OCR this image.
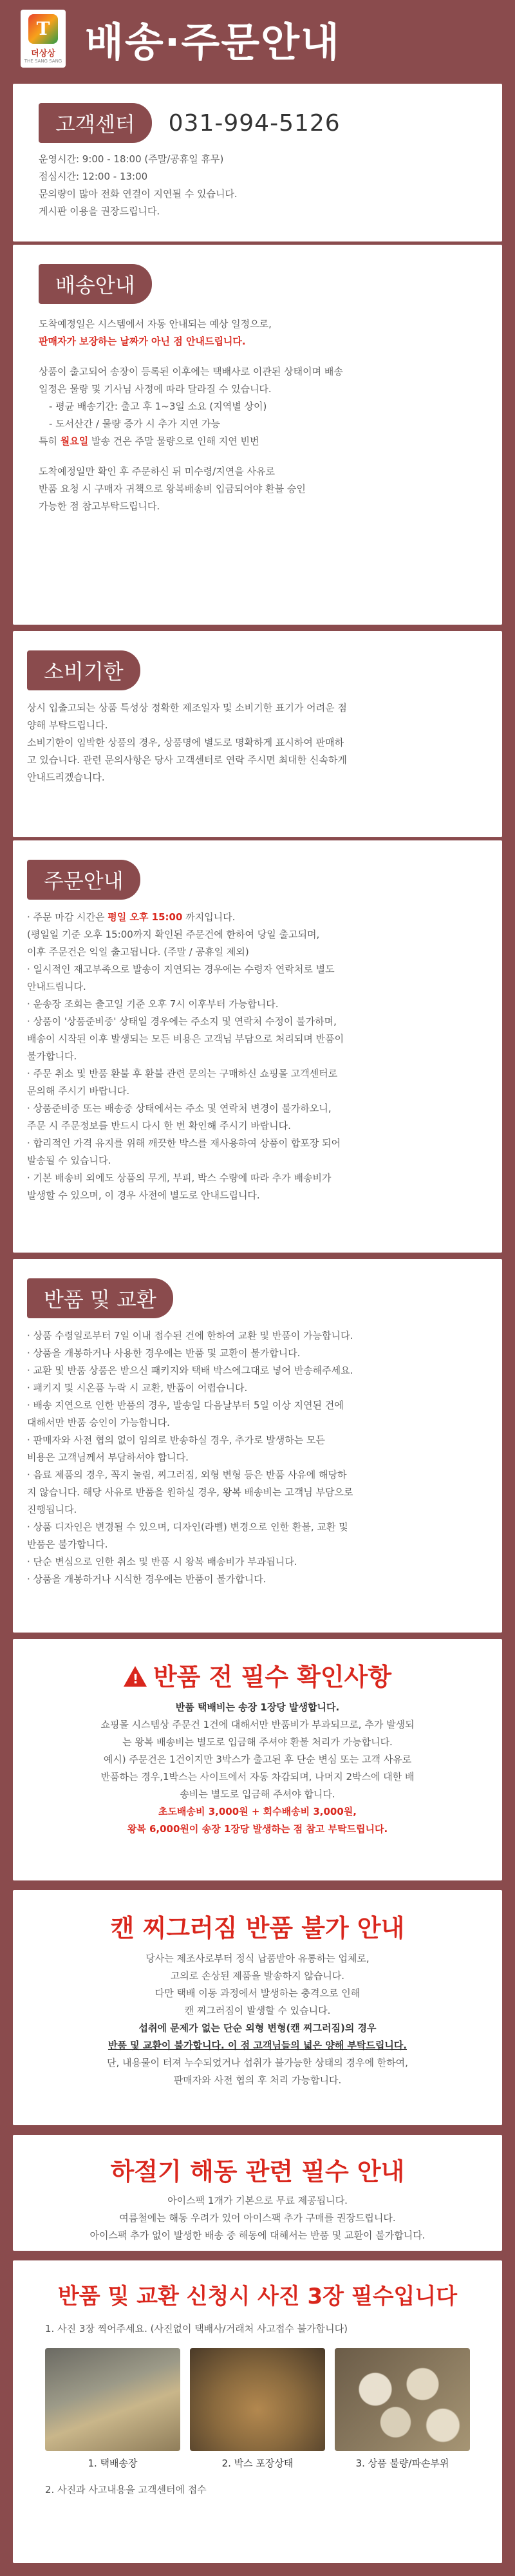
T
더상상
THE SANG SANG 배송·주문안내
고객센터	031-994-5126
운영시간: 9:00 - 18:00 (주말/공휴일 휴무)
점심시간: 12:00 - 13:00
문의량이 많아 전화 연결이 지연될 수 있습니다.
게시판 이용을 권장드립니다.
배송안내
도착예정일은 시스템에서 자동 안내되는 예상 일정으로,
판매자가 보장하는 날짜가 아닌 점 안내드립니다.
상품이 출고되어 송장이 등록된 이후에는 택배사로 이관된 상태이며 배송
일정은 물량 및 기사님 사정에 따라 달라질 수 있습니다.
- 평균 배송기간: 출고 후 1~3일 소요 (지역별 상이)
- 도서산간 / 물량 증가 시 추가 지연 가능
특히 월요일 발송 건은 주말 물량으로 인해 지연 빈번
도착예정일만 확인 후 주문하신 뒤 미수령/지연을 사유로
반품 요청 시 구매자 귀책으로 왕복배송비 입금되어야 환불 승인
가능한 점 참고부탁드립니다.
소비기한
상시 입출고되는 상품 특성상 정확한 제조일자 및 소비기한 표기가 어려운 점
양해 부탁드립니다.
소비기한이 임박한 상품의 경우, 상품명에 별도로 명확하게 표시하여 판매하
고 있습니다. 관련 문의사항은 당사 고객센터로 연락 주시면 최대한 신속하게
안내드리겠습니다.
주문안내
· 주문 마감 시간은 평일 오후 15:00 까지입니다.
(평일일 기준 오후 15:00까지 확인된 주문건에 한하여 당일 출고되며,
이후 주문건은 익일 출고됩니다. (주말 / 공휴일 제외)
· 일시적인 재고부족으로 발송이 지연되는 경우에는 수령자 연락처로 별도
안내드립니다.
· 운송장 조회는 출고일 기준 오후 7시 이후부터 가능합니다.
· 상품이 '상품준비중' 상태일 경우에는 주소지 및 연락처 수정이 불가하며,
배송이 시작된 이후 발생되는 모든 비용은 고객님 부담으로 처리되며 반품이
불가합니다.
· 주문 취소 및 반품 환불 후 환불 관련 문의는 구매하신 쇼핑몰 고객센터로
문의해 주시기 바랍니다.
· 상품준비중 또는 배송중 상태에서는 주소 및 연락처 변경이 불가하오니,
주문 시 주문정보를 반드시 다시 한 번 확인해 주시기 바랍니다.
· 합리적인 가격 유지를 위해 깨끗한 박스를 재사용하여 상품이 합포장 되어
발송될 수 있습니다.
· 기본 배송비 외에도 상품의 무게, 부피, 박스 수량에 따라 추가 배송비가
발생할 수 있으며, 이 경우 사전에 별도로 안내드립니다.
반품 및 교환
· 상품 수령일로부터 7일 이내 접수된 건에 한하여 교환 및 반품이 가능합니다.
· 상품을 개봉하거나 사용한 경우에는 반품 및 교환이 불가합니다.
· 교환 및 반품 상품은 받으신 패키지와 택배 박스에그대로 넣어 반송해주세요.
· 패키지 및 시온품 누락 시 교환, 반품이 어렵습니다.
· 배송 지연으로 인한 반품의 경우, 발송일 다음날부터 5일 이상 지연된 건에
대해서만 반품 승인이 가능합니다.
· 판매자와 사전 협의 없이 임의로 반송하실 경우, 추가로 발생하는 모든
비용은 고객님께서 부담하셔야 합니다.
· 음료 제품의 경우, 꼭지 눌림, 찌그러짐, 외형 변형 등은 반품 사유에 해당하
지 않습니다. 해당 사유로 반품을 원하실 경우, 왕복 배송비는 고객님 부담으로
진행됩니다.
· 상품 디자인은 변경될 수 있으며, 디자인(라벨) 변경으로 인한 환불, 교환 및
반품은 불가합니다.
· 단순 변심으로 인한 취소 및 반품 시 왕복 배송비가 부과됩니다.
· 상품을 개봉하거나 시식한 경우에는 반품이 불가합니다.
! 반품 전 필수 확인사항
반품 택배비는 송장 1장당 발생합니다.
쇼핑몰 시스템상 주문건 1건에 대해서만 반품비가 부과되므로, 추가 발생되
는 왕복 배송비는 별도로 입금해 주셔야 환불 처리가 가능합니다.
예시) 주문건은 1건이지만 3박스가 출고된 후 단순 변심 또는 고객 사유로
반품하는 경우,1박스는 사이트에서 자동 차감되며, 나머지 2박스에 대한 배
송비는 별도로 입금해 주셔야 합니다.
초도배송비 3,000원 + 회수배송비 3,000원,
왕복 6,000원이 송장 1장당 발생하는 점 참고 부탁드립니다.
캔 찌그러짐 반품 불가 안내
당사는 제조사로부터 정식 납품받아 유통하는 업체로,
고의로 손상된 제품을 발송하지 않습니다.
다만 택배 이동 과정에서 발생하는 충격으로 인해
캔 찌그러짐이 발생할 수 있습니다.
섭취에 문제가 없는 단순 외형 변형(캔 찌그러짐)의 경우
반품 및 교환이 불가합니다. 이 점 고객님들의 넓은 양해 부탁드립니다.
단, 내용물이 터져 누수되었거나 섭취가 불가능한 상태의 경우에 한하여,
판매자와 사전 협의 후 처리 가능합니다.
하절기 해동 관련 필수 안내
아이스팩 1개가 기본으로 무료 제공됩니다.
여름철에는 해동 우려가 있어 아이스팩 추가 구매를 권장드립니다.
아이스팩 추가 없이 발생한 배송 중 해동에 대해서는 반품 및 교환이 불가합니다.
반품 및 교환 신청시 사진 3장 필수입니다
1. 사진 3장 찍어주세요. (사진없이 택배사/거래처 사고접수 불가합니다)
1. 택배송장	2. 박스 포장상태	3. 상품 불량/파손부위
2. 사진과 사고내용을 고객센터에 접수
